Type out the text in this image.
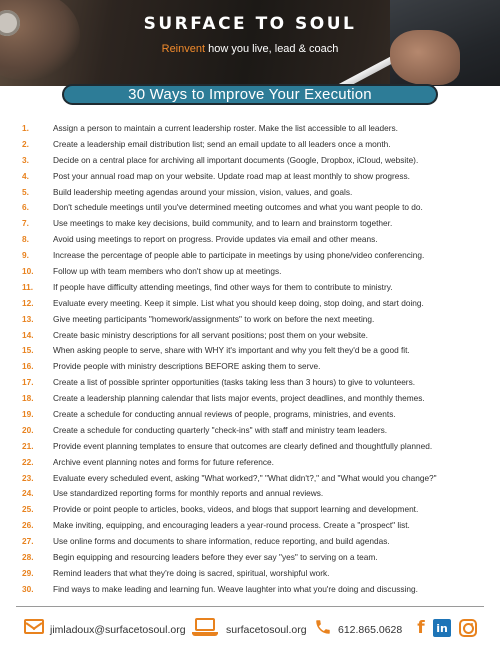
SURFACE TO SOUL
Reinvent how you live, lead & coach
30 Ways to Improve Your Execution
1.	Assign a person to maintain a current leadership roster. Make the list accessible to all leaders.
2.	Create a leadership email distribution list; send an email update to all leaders once a month.
3.	Decide on a central place for archiving all important documents (Google, Dropbox, iCloud, website).
4.	Post your annual road map on your website. Update road map at least monthly to show progress.
5.	Build leadership meeting agendas around your mission, vision, values, and goals.
6.	Don't schedule meetings until you've determined meeting outcomes and what you want people to do.
7.	Use meetings to make key decisions, build community, and to learn and brainstorm together.
8.	Avoid using meetings to report on progress. Provide updates via email and other means.
9.	Increase the percentage of people able to participate in meetings by using phone/video conferencing.
10.	Follow up with team members who don't show up at meetings.
11.	If people have difficulty attending meetings, find other ways for them to contribute to ministry.
12.	Evaluate every meeting. Keep it simple. List what you should keep doing, stop doing, and start doing.
13.	Give meeting participants "homework/assignments" to work on before the next meeting.
14.	Create basic ministry descriptions for all servant positions; post them on your website.
15.	When asking people to serve, share with WHY it's important and why you felt they'd be a good fit.
16.	Provide people with ministry descriptions BEFORE asking them to serve.
17.	Create a list of possible sprinter opportunities (tasks taking less than 3 hours) to give to volunteers.
18.	Create a leadership planning calendar that lists major events, project deadlines, and monthly themes.
19.	Create a schedule for conducting annual reviews of people, programs, ministries, and events.
20.	Create a schedule for conducting quarterly "check-ins" with staff and ministry team leaders.
21.	Provide event planning templates to ensure that outcomes are clearly defined and thoughtfully planned.
22.	Archive event planning notes and forms for future reference.
23.	Evaluate every scheduled event, asking "What worked?," "What didn't?," and "What would you change?"
24.	Use standardized reporting forms for monthly reports and annual reviews.
25.	Provide or point people to articles, books, videos, and blogs that support learning and development.
26.	Make inviting, equipping, and encouraging leaders a year-round process. Create a "prospect" list.
27.	Use online forms and documents to share information, reduce reporting, and build agendas.
28.	Begin equipping and resourcing leaders before they ever say "yes" to serving on a team.
29.	Remind leaders that what they're doing is sacred, spiritual, worshipful work.
30.	Find ways to make leading and learning fun. Weave laughter into what you're doing and discussing.
jimladoux@surfacetosoul.org	surfacetosoul.org	612.865.0628 f	in
